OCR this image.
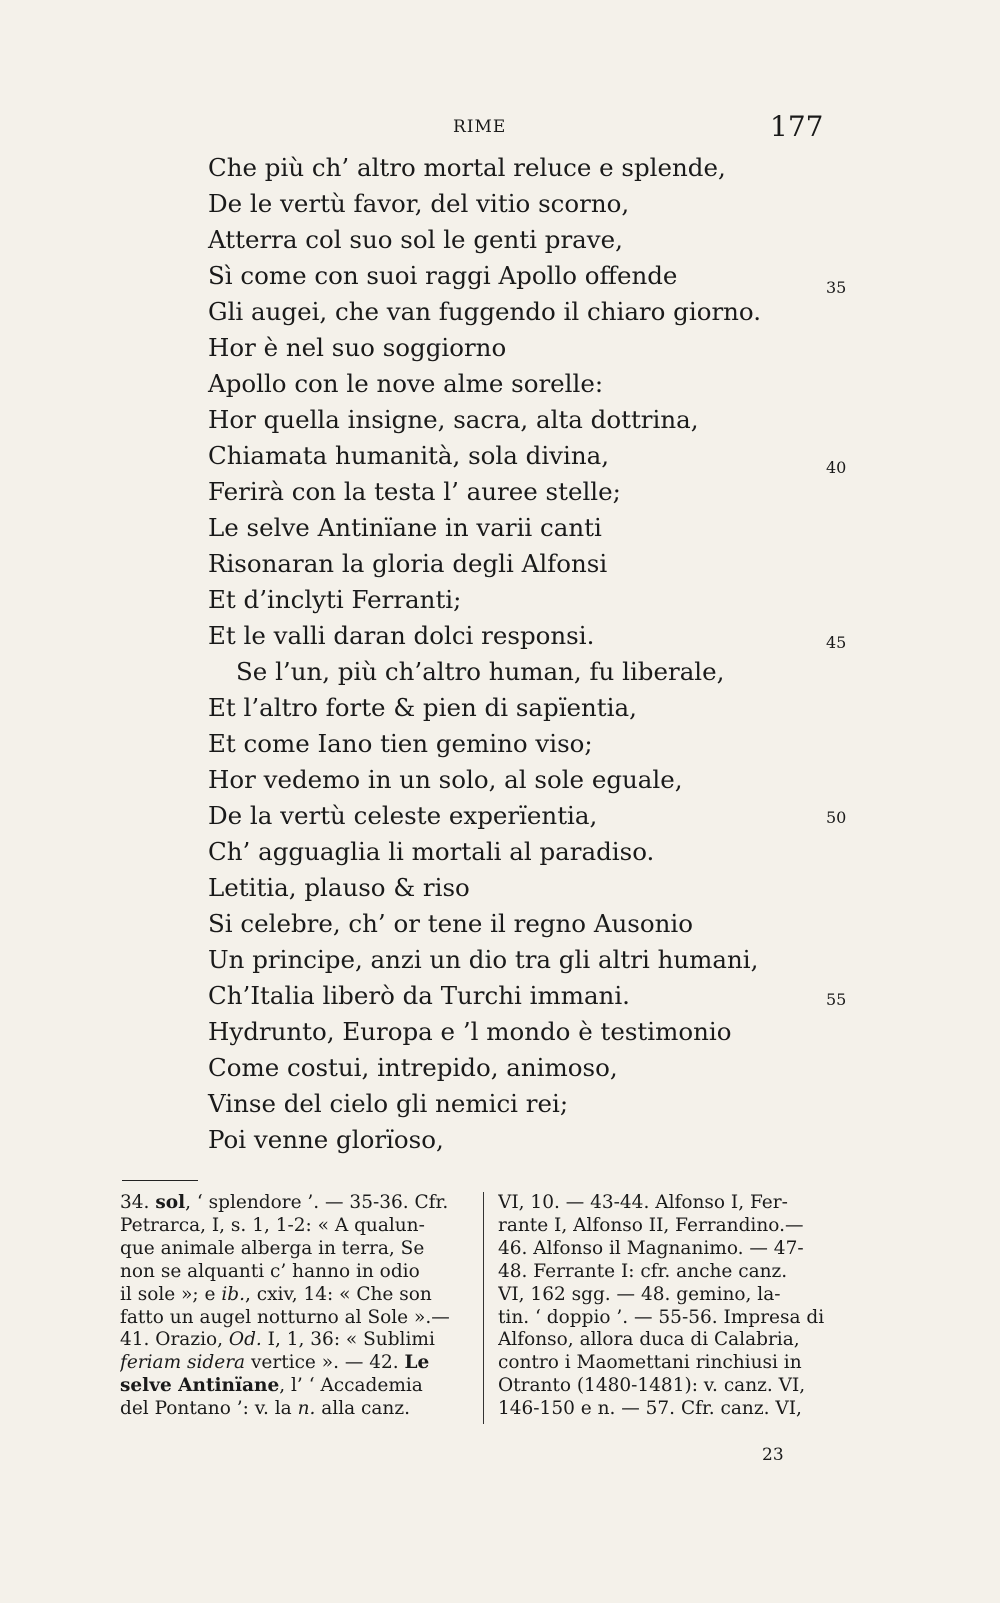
RIME	177
Che più ch’ altro mortal reluce e splende,
De le vertù favor, del vitio scorno,
Atterra col suo sol le genti prave,
Sì come con suoi raggi Apollo offende
Gli augei, che van fuggendo il chiaro giorno.
Hor è nel suo soggiorno
Apollo con le nove alme sorelle:
Hor quella insigne, sacra, alta dottrina,
Chiamata humanità, sola divina,
Ferirà con la testa l’ auree stelle;
Le selve Antinïane in varii canti
Risonaran la gloria degli Alfonsi
Et d’inclyti Ferranti;
Et le valli daran dolci responsi.
Se l’un, più ch’altro human, fu liberale,
Et l’altro forte & pien di sapïentia,
Et come Iano tien gemino viso;
Hor vedemo in un solo, al sole eguale,
De la vertù celeste experïentia,
Ch’ agguaglia li mortali al paradiso.
Letitia, plauso & riso
Si celebre, ch’ or tene il regno Ausonio
Un principe, anzi un dio tra gli altri humani,
Ch’Italia liberò da Turchi immani.
Hydrunto, Europa e ’l mondo è testimonio
Come costui, intrepido, animoso,
Vinse del cielo gli nemici rei;
Poi venne glorïoso,
35
40
45
50
55
34. sol, ‘ splendore ’. — 35-36. Cfr.
Petrarca, I, s. 1, 1-2: « A qualun-
que animale alberga in terra, Se
non se alquanti c’ hanno in odio
il sole »; e ib., cxiv, 14: « Che son
fatto un augel notturno al Sole ».—
41. Orazio, Od. I, 1, 36: « Sublimi
feriam sidera vertice ». — 42. Le
selve Antinïane, l’ ‘ Accademia
del Pontano ’: v. la n. alla canz.
VI, 10. — 43-44. Alfonso I, Fer-
rante I, Alfonso II, Ferrandino.—
46. Alfonso il Magnanimo. — 47-
48. Ferrante I: cfr. anche canz.
VI, 162 sgg. — 48. gemino, la-
tin. ‘ doppio ’. — 55-56. Impresa di
Alfonso, allora duca di Calabria,
contro i Maomettani rinchiusi in
Otranto (1480-1481): v. canz. VI,
146-150 e n. — 57. Cfr. canz. VI,
23
